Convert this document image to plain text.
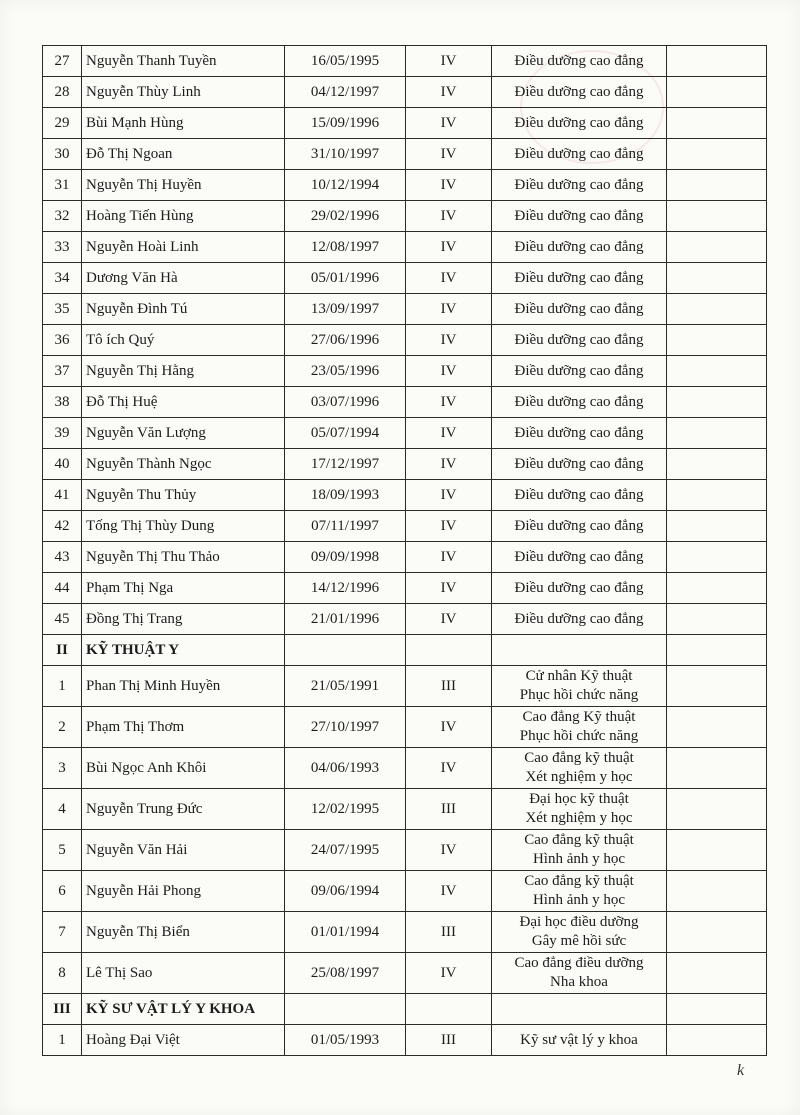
27	Nguyễn Thanh Tuyền	16/05/1995	IV	Điều dưỡng cao đẳng	

28	Nguyễn Thùy Linh	04/12/1997	IV	Điều dưỡng cao đẳng	

29	Bùi Mạnh Hùng	15/09/1996	IV	Điều dưỡng cao đẳng	

30	Đỗ Thị Ngoan	31/10/1997	IV	Điều dưỡng cao đẳng	

31	Nguyễn Thị Huyền	10/12/1994	IV	Điều dưỡng cao đẳng	

32	Hoàng Tiến Hùng	29/02/1996	IV	Điều dưỡng cao đẳng	

33	Nguyễn Hoài Linh	12/08/1997	IV	Điều dưỡng cao đẳng	

34	Dương Văn Hà	05/01/1996	IV	Điều dưỡng cao đẳng	

35	Nguyễn Đình Tú	13/09/1997	IV	Điều dưỡng cao đẳng	

36	Tô ích Quý	27/06/1996	IV	Điều dưỡng cao đẳng	

37	Nguyễn Thị Hằng	23/05/1996	IV	Điều dưỡng cao đẳng	

38	Đỗ Thị Huệ	03/07/1996	IV	Điều dưỡng cao đẳng	

39	Nguyễn Văn Lượng	05/07/1994	IV	Điều dưỡng cao đẳng	

40	Nguyễn Thành Ngọc	17/12/1997	IV	Điều dưỡng cao đẳng	

41	Nguyễn Thu Thủy	18/09/1993	IV	Điều dưỡng cao đẳng	

42	Tống Thị Thùy Dung	07/11/1997	IV	Điều dưỡng cao đẳng	

43	Nguyễn Thị Thu Thảo	09/09/1998	IV	Điều dưỡng cao đẳng	

44	Phạm Thị Nga	14/12/1996	IV	Điều dưỡng cao đẳng	

45	Đồng Thị Trang	21/01/1996	IV	Điều dưỡng cao đẳng	

II	KỸ THUẬT Y				
1	Phan Thị Minh Huyền	21/05/1991	III	Cử nhân Kỹ thuật
Phục hồi chức năng	

2	Phạm Thị Thơm	27/10/1997	IV	Cao đẳng Kỹ thuật
Phục hồi chức năng	

3	Bùi Ngọc Anh Khôi	04/06/1993	IV	Cao đẳng kỹ thuật
Xét nghiệm y học	

4	Nguyễn Trung Đức	12/02/1995	III	Đại học kỹ thuật
Xét nghiệm y học	

5	Nguyễn Văn Hải	24/07/1995	IV	Cao đẳng kỹ thuật
Hình ảnh y học	

6	Nguyễn Hải Phong	09/06/1994	IV	Cao đẳng kỹ thuật
Hình ảnh y học	

7	Nguyễn Thị Biển	01/01/1994	III	Đại học điều dưỡng
Gây mê hồi sức	

8	Lê Thị Sao	25/08/1997	IV	Cao đẳng điều dưỡng
Nha khoa	

III	KỸ SƯ VẬT LÝ Y KHOA				
1	Hoàng Đại Việt	01/05/1993	III	Kỹ sư vật lý y khoa	

k
